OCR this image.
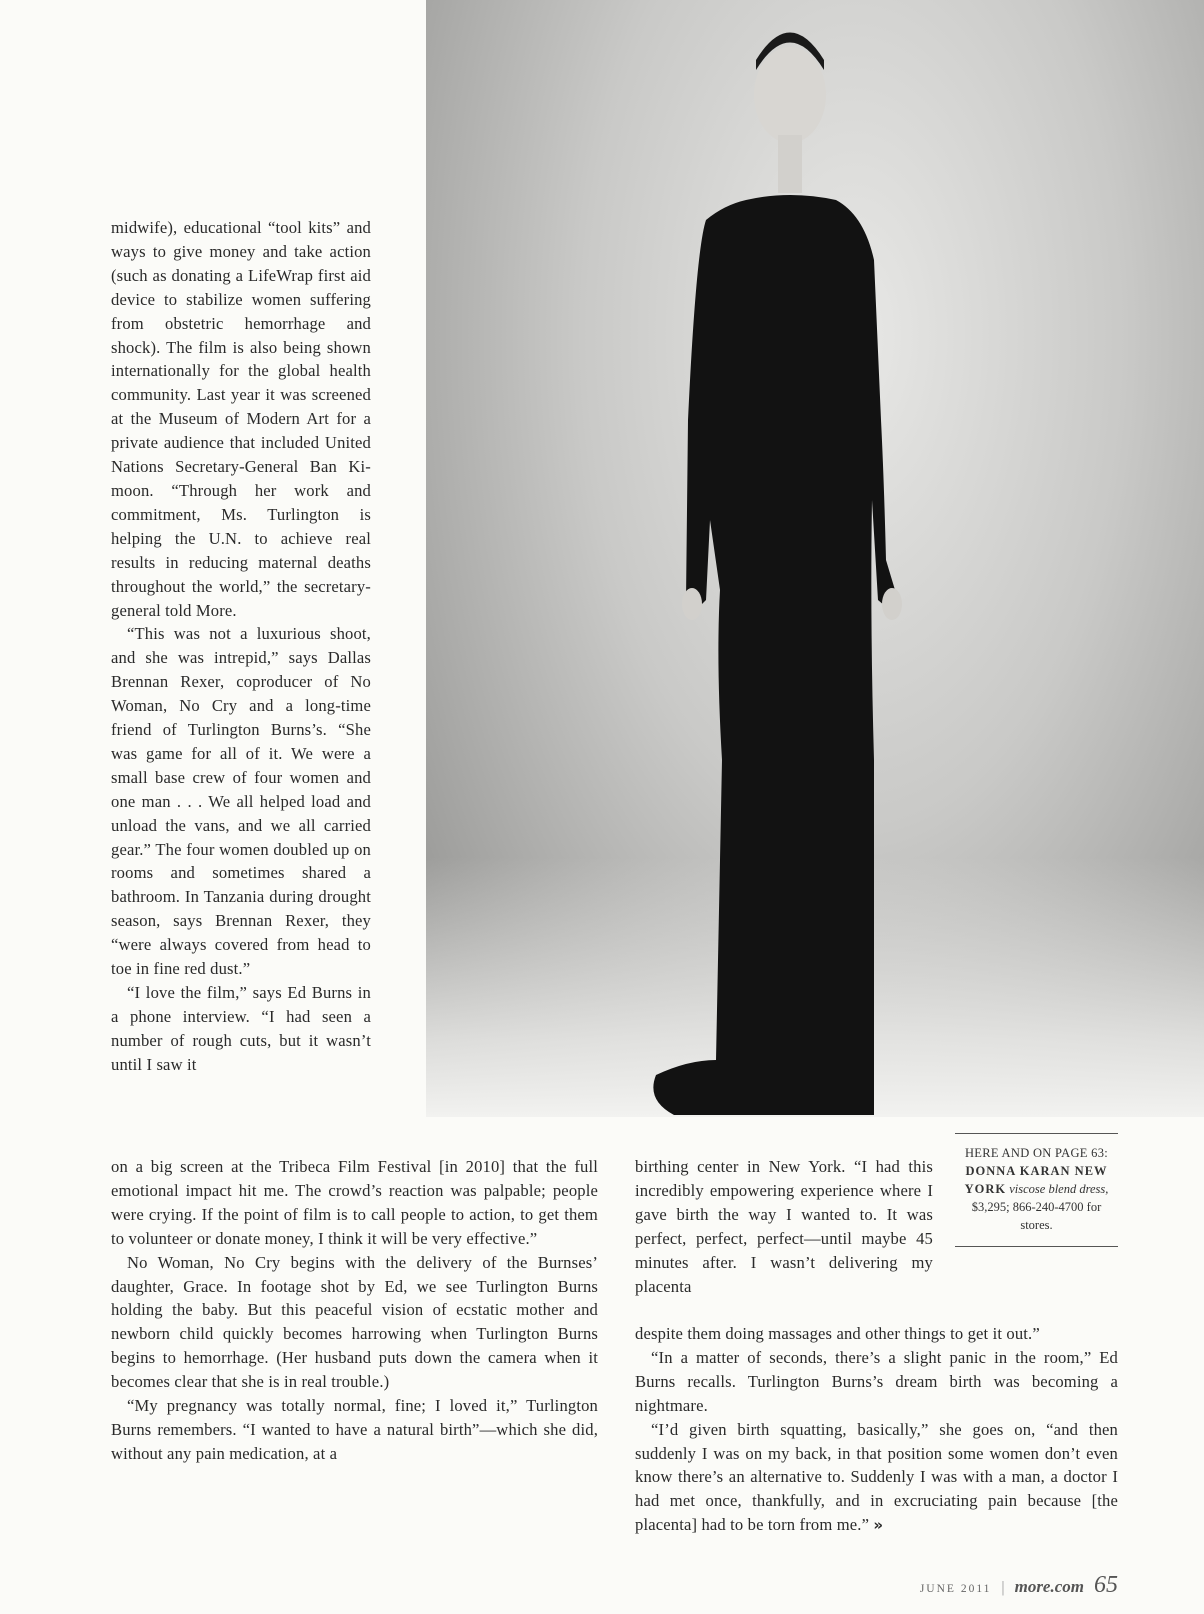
midwife), educational “tool kits” and ways to give money and take action (such as donating a LifeWrap first aid device to stabilize women suffering from obstetric hemorrhage and shock). The film is also being shown internationally for the global health community. Last year it was screened at the Museum of Modern Art for a private audience that included United Nations Secretary-General Ban Ki-moon. “Through her work and commitment, Ms. Turlington is helping the U.N. to achieve real results in reducing maternal deaths throughout the world,” the secretary-general told More.

“This was not a luxurious shoot, and she was intrepid,” says Dallas Brennan Rexer, coproducer of No Woman, No Cry and a long-time friend of Turlington Burns’s. “She was game for all of it. We were a small base crew of four women and one man . . . We all helped load and unload the vans, and we all carried gear.” The four women doubled up on rooms and sometimes shared a bathroom. In Tanzania during drought season, says Brennan Rexer, they “were always covered from head to toe in fine red dust.”

“I love the film,” says Ed Burns in a phone interview. “I had seen a number of rough cuts, but it wasn’t until I saw it

on a big screen at the Tribeca Film Festival [in 2010] that the full emotional impact hit me. The crowd’s reaction was palpable; people were crying. If the point of film is to call people to action, to get them to volunteer or donate money, I think it will be very effective.”

No Woman, No Cry begins with the delivery of the Burnses’ daughter, Grace. In footage shot by Ed, we see Turlington Burns holding the baby. But this peaceful vision of ecstatic mother and newborn child quickly becomes harrowing when Turlington Burns begins to hemorrhage. (Her husband puts down the camera when it becomes clear that she is in real trouble.)

“My pregnancy was totally normal, fine; I loved it,” Turlington Burns remembers. “I wanted to have a natural birth”—which she did, without any pain medication, at a

birthing center in New York. “I had this incredibly empowering experience where I gave birth the way I wanted to. It was perfect, perfect, perfect—until maybe 45 minutes after. I wasn’t delivering my placenta

HERE AND ON PAGE 63: DONNA KARAN NEW YORK viscose blend dress, $3,295; 866-240-4700 for stores.

despite them doing massages and other things to get it out.”

“In a matter of seconds, there’s a slight panic in the room,” Ed Burns recalls. Turlington Burns’s dream birth was becoming a nightmare.

“I’d given birth squatting, basically,” she goes on, “and then suddenly I was on my back, in that position some women don’t even know there’s an alternative to. Suddenly I was with a man, a doctor I had met once, thankfully, and in excruciating pain because [the placenta] had to be torn from me.” »

JUNE 2011 | more.com 65
